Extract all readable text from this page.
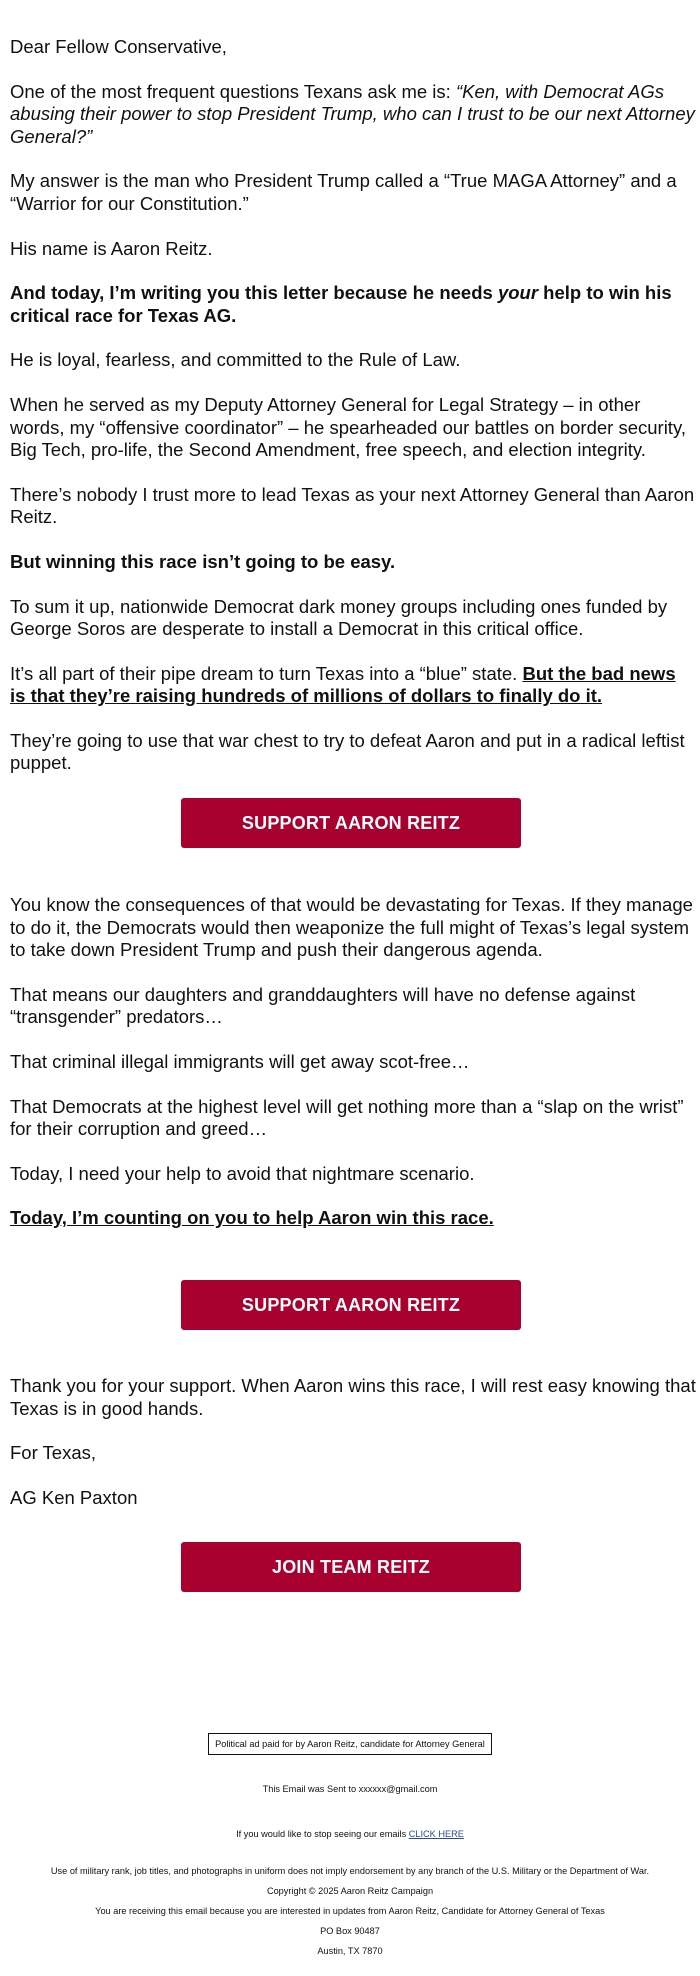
Dear Fellow Conservative,

One of the most frequent questions Texans ask me is: “Ken, with Democrat AGs abusing their power to stop President Trump, who can I trust to be our next Attorney General?”

My answer is the man who President Trump called a “True MAGA Attorney” and a “Warrior for our Constitution.”

His name is Aaron Reitz.

And today, I’m writing you this letter because he needs your help to win his critical race for Texas AG.

He is loyal, fearless, and committed to the Rule of Law.

When he served as my Deputy Attorney General for Legal Strategy – in other words, my “offensive coordinator” – he spearheaded our battles on border security, Big Tech, pro-life, the Second Amendment, free speech, and election integrity.

There’s nobody I trust more to lead Texas as your next Attorney General than Aaron Reitz.

But winning this race isn’t going to be easy.

To sum it up, nationwide Democrat dark money groups including ones funded by George Soros are desperate to install a Democrat in this critical office.

It’s all part of their pipe dream to turn Texas into a “blue” state. But the bad news is that they’re raising hundreds of millions of dollars to finally do it.

They’re going to use that war chest to try to defeat Aaron and put in a radical leftist puppet.

SUPPORT AARON REITZ

You know the consequences of that would be devastating for Texas. If they manage to do it, the Democrats would then weaponize the full might of Texas’s legal system to take down President Trump and push their dangerous agenda.

That means our daughters and granddaughters will have no defense against “transgender” predators…

That criminal illegal immigrants will get away scot-free…

That Democrats at the highest level will get nothing more than a “slap on the wrist” for their corruption and greed…

Today, I need your help to avoid that nightmare scenario.

Today, I’m counting on you to help Aaron win this race.

SUPPORT AARON REITZ

Thank you for your support. When Aaron wins this race, I will rest easy knowing that Texas is in good hands.

For Texas,

AG Ken Paxton

JOIN TEAM REITZ
Political ad paid for by Aaron Reitz, candidate for Attorney General
This Email was Sent to xxxxxx@gmail.com
If you would like to stop seeing our emails CLICK HERE
Use of military rank, job titles, and photographs in uniform does not imply endorsement by any branch of the U.S. Military or the Department of War.
Copyright © 2025 Aaron Reitz Campaign
You are receiving this email because you are interested in updates from Aaron Reitz, Candidate for Attorney General of Texas
PO Box 90487
Austin, TX 7870
